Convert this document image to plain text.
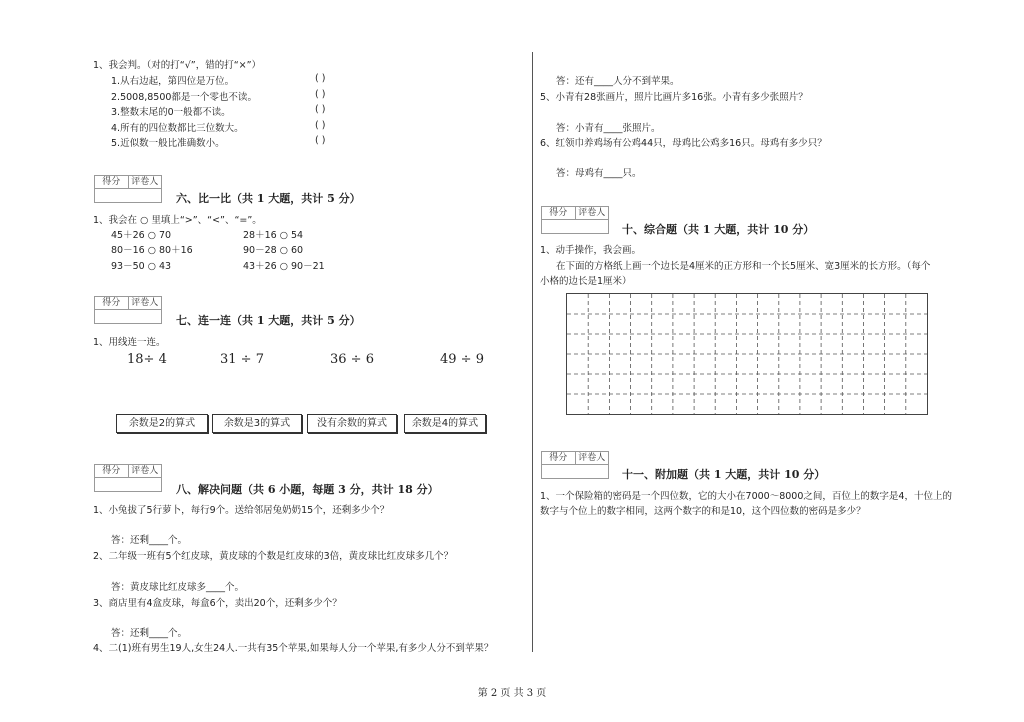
1、我会判。（对的打“√”，错的打“×”）
1.从右边起，第四位是万位。	( )
2.5008,8500都是一个零也不读。	( )
3.整数末尾的0一般都不读。	( )
4.所有的四位数都比三位数大。	( )
5.近似数一般比准确数小。	( )
得分	评卷人
六、比一比（共 1 大题，共计 5 分）
1、我会在 ○ 里填上“>”、“<”、“=”。
45＋26 ○ 70	28＋16 ○ 54
80－16 ○ 80＋16	90－28 ○ 60
93－50 ○ 43	43＋26 ○ 90－21
得分	评卷人
七、连一连（共 1 大题，共计 5 分）
1、用线连一连。
18÷ 4	31 ÷ 7	36 ÷ 6	49 ÷ 9
余数是2的算式	余数是3的算式	没有余数的算式	余数是4的算式
得分	评卷人
八、解决问题（共 6 小题，每题 3 分，共计 18 分）
1、小兔拔了5行萝卜，每行9个。送给邻居兔奶奶15个，还剩多少个？
答：还剩____个。
2、二年级一班有5个红皮球，黄皮球的个数是红皮球的3倍，黄皮球比红皮球多几个？
答：黄皮球比红皮球多____个。
3、商店里有4盒皮球，每盒6个，卖出20个，还剩多少个？
答：还剩____个。
4、二(1)班有男生19人,女生24人.一共有35个苹果,如果每人分一个苹果,有多少人分不到苹果？
答：还有____人分不到苹果。
5、小青有28张画片，照片比画片多16张。小青有多少张照片？
答：小青有____张照片。
6、红领巾养鸡场有公鸡44只，母鸡比公鸡多16只。母鸡有多少只？
答：母鸡有____只。
得分	评卷人
十、综合题（共 1 大题，共计 10 分）
1、动手操作，我会画。
在下面的方格纸上画一个边长是4厘米的正方形和一个长5厘米、宽3厘米的长方形。（每个
小格的边长是1厘米）
得分	评卷人
十一、附加题（共 1 大题，共计 10 分）
1、一个保险箱的密码是一个四位数，它的大小在7000～8000之间，百位上的数字是4，十位上的
数字与个位上的数字相同，这两个数字的和是10，这个四位数的密码是多少？
第 2 页 共 3 页
